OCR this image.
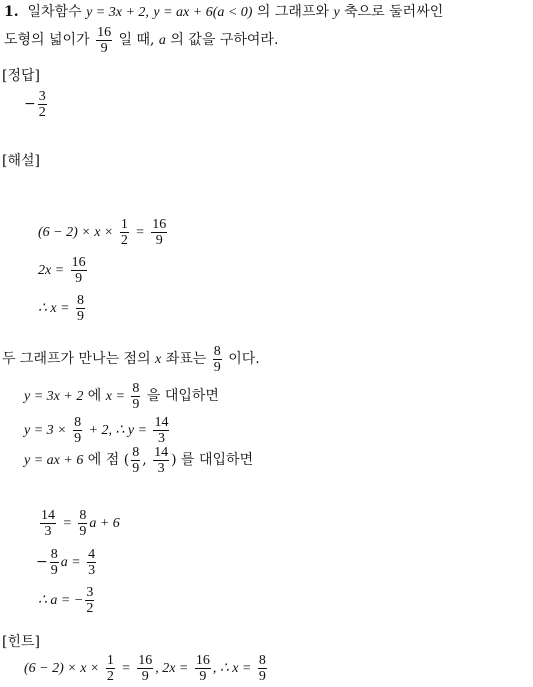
1. 일차함수 y = 3x + 2, y = ax + 6(a < 0) 의 그래프와 y 축으로 둘러싸인
도형의 넓이가 $\frac{16}{9}$ 일 때, a 의 값을 구하여라.
[정답]
− $\frac{3}{2}$
[해설]
$(6 - 2) \times x \times \frac{1}{2} = \frac{16}{9}$
$2x = \frac{16}{9}$
∴ $x = \frac{8}{9}$
두 그래프가 만나는 점의 x 좌표는 $\frac{8}{9}$ 이다.
y = 3x + 2 에 $x = \frac{8}{9}$ 을 대입하면
$y = 3 \times \frac{8}{9} + 2$, ∴ $y = \frac{14}{3}$
y = ax + 6 에 점 ( $\frac{8}{9}$ , $\frac{14}{3}$ ) 를 대입하면
$\frac{14}{3} = \frac{8}{9}$ a + 6
− $\frac{8}{9}$ $a = \frac{4}{3}$
∴ a = − $\frac{3}{2}$
[힌트]
$(6 - 2) \times x \times \frac{1}{2} = \frac{16}{9}$ , $2x = \frac{16}{9}$ , ∴ $x = \frac{8}{9}$
